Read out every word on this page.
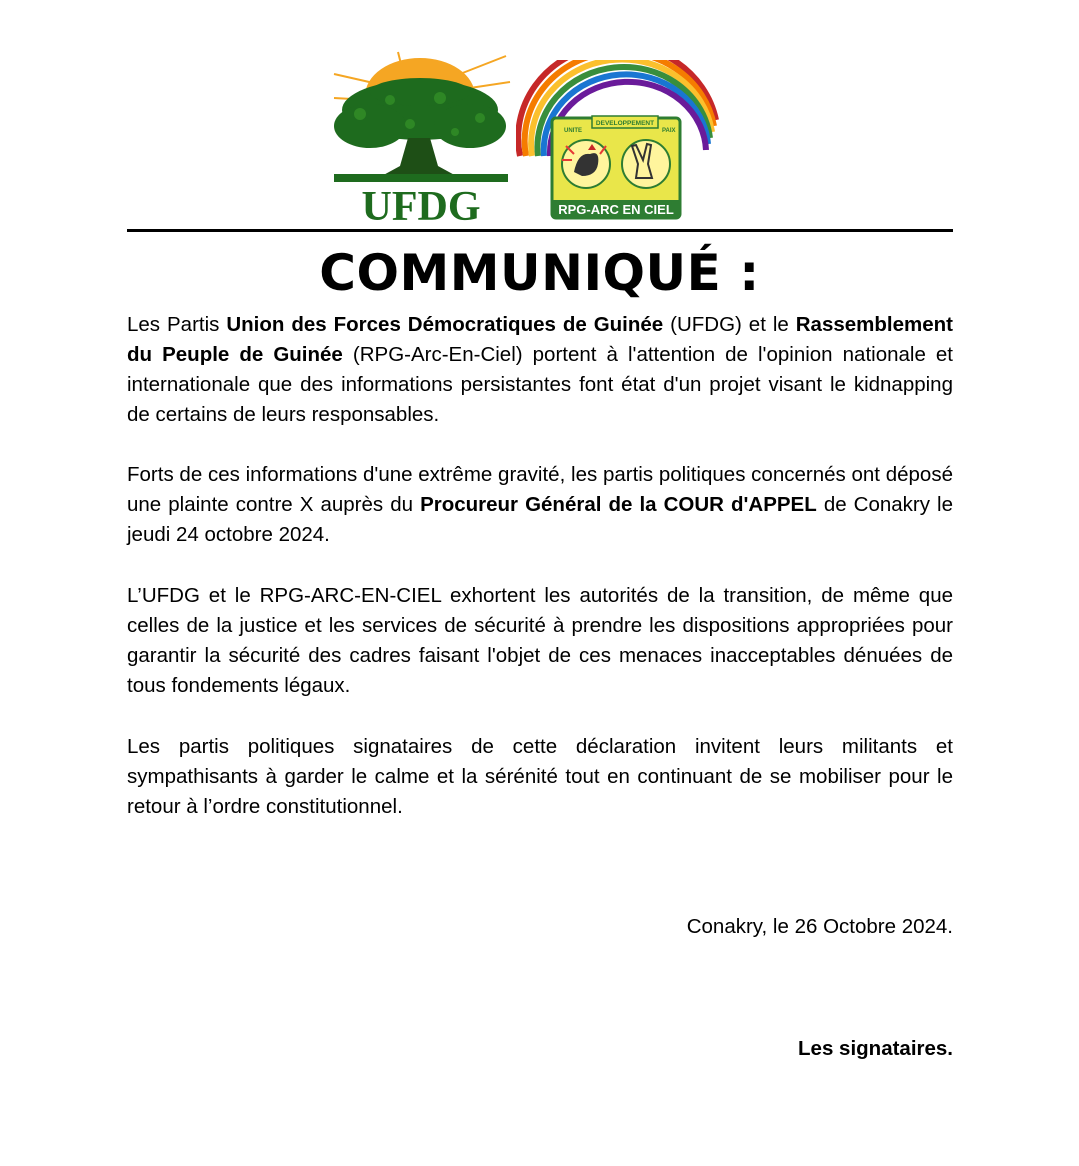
UFDG
DEVELOPPEMENT
UNITE	PAIX
RPG-ARC EN CIEL
COMMUNIQUÉ :

Les Partis Union des Forces Démocratiques de Guinée (UFDG) et le Rassemblement du Peuple de Guinée (RPG-Arc-En-Ciel) portent à l'attention de l'opinion nationale et internationale que des informations persistantes font état d'un projet visant le kidnapping de certains de leurs responsables.

Forts de ces informations d'une extrême gravité, les partis politiques concernés ont déposé une plainte contre X auprès du Procureur Général de la COUR d'APPEL de Conakry le jeudi 24 octobre 2024.

L’UFDG et le RPG-ARC-EN-CIEL exhortent les autorités de la transition, de même que celles de la justice et les services de sécurité à prendre les dispositions appropriées pour garantir la sécurité des cadres faisant l'objet de ces menaces inacceptables dénuées de tous fondements légaux.

Les partis politiques signataires de cette déclaration invitent leurs militants et sympathisants à garder le calme et la sérénité tout en continuant de se mobiliser pour le retour à l’ordre constitutionnel.

Conakry, le 26 Octobre 2024.
Les signataires.
